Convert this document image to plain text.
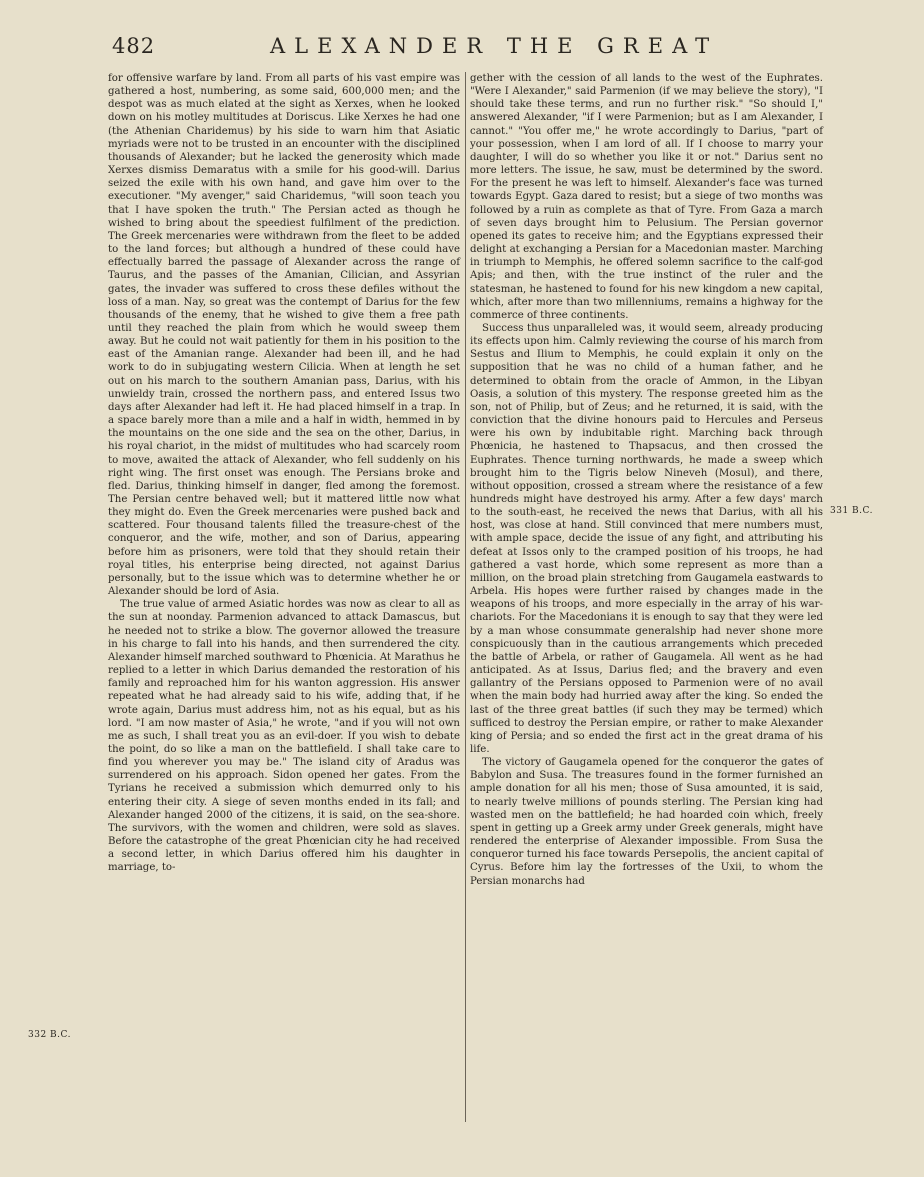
482	ALEXANDER THE GREAT

for offensive warfare by land. From all parts of his vast empire was gathered a host, numbering, as some said, 600,000 men; and the despot was as much elated at the sight as Xerxes, when he looked down on his motley multitudes at Doriscus. Like Xerxes he had one (the Athenian Charidemus) by his side to warn him that Asiatic myriads were not to be trusted in an encounter with the disciplined thousands of Alexander; but he lacked the generosity which made Xerxes dismiss Demaratus with a smile for his good-will. Darius seized the exile with his own hand, and gave him over to the executioner. "My avenger," said Charidemus, "will soon teach you that I have spoken the truth." The Persian acted as though he wished to bring about the speediest fulfilment of the prediction. The Greek mercenaries were withdrawn from the fleet to be added to the land forces; but although a hundred of these could have effectually barred the passage of Alexander across the range of Taurus, and the passes of the Amanian, Cilician, and Assyrian gates, the invader was suffered to cross these defiles without the loss of a man. Nay, so great was the contempt of Darius for the few thousands of the enemy, that he wished to give them a free path until they reached the plain from which he would sweep them away. But he could not wait patiently for them in his position to the east of the Amanian range. Alexander had been ill, and he had work to do in subjugating western Cilicia. When at length he set out on his march to the southern Amanian pass, Darius, with his unwieldy train, crossed the northern pass, and entered Issus two days after Alexander had left it. He had placed himself in a trap. In a space barely more than a mile and a half in width, hemmed in by the mountains on the one side and the sea on the other, Darius, in his royal chariot, in the midst of multitudes who had scarcely room to move, awaited the attack of Alexander, who fell suddenly on his right wing. The first onset was enough. The Persians broke and fled. Darius, thinking himself in danger, fled among the foremost. The Persian centre behaved well; but it mattered little now what they might do. Even the Greek mercenaries were pushed back and scattered. Four thousand talents filled the treasure-chest of the conqueror, and the wife, mother, and son of Darius, appearing before him as prisoners, were told that they should retain their royal titles, his enterprise being directed, not against Darius personally, but to the issue which was to determine whether he or Alexander should be lord of Asia.

The true value of armed Asiatic hordes was now as clear to all as the sun at noonday. Parmenion advanced to attack Damascus, but he needed not to strike a blow. The governor allowed the treasure in his charge to fall into his hands, and then surrendered the city. Alexander himself marched southward to Phœnicia. At Marathus he replied to a letter in which Darius demanded the restoration of his family and reproached him for his wanton aggression. His answer repeated what he had already said to his wife, adding that, if he wrote again, Darius must address him, not as his equal, but as his lord. "I am now master of Asia," he wrote, "and if you will not own me as such, I shall treat you as an evil-doer. If you wish to debate the point, do so like a man on the battlefield. I shall take care to find you wherever you may be." The island city of Aradus was surrendered on his approach. Sidon opened her gates. From the Tyrians he received a submission which demurred only to his entering their city. A siege of seven months ended in its fall; and Alexander hanged 2000 of the citizens, it is said, on the sea-shore. The survivors, with the women and children, were sold as slaves. Before the catastrophe of the great Phœnician city he had received a second letter, in which Darius offered him his daughter in marriage, to-

gether with the cession of all lands to the west of the Euphrates. "Were I Alexander," said Parmenion (if we may believe the story), "I should take these terms, and run no further risk." "So should I," answered Alexander, "if I were Parmenion; but as I am Alexander, I cannot." "You offer me," he wrote accordingly to Darius, "part of your possession, when I am lord of all. If I choose to marry your daughter, I will do so whether you like it or not." Darius sent no more letters. The issue, he saw, must be determined by the sword. For the present he was left to himself. Alexander's face was turned towards Egypt. Gaza dared to resist; but a siege of two months was followed by a ruin as complete as that of Tyre. From Gaza a march of seven days brought him to Pelusium. The Persian governor opened its gates to receive him; and the Egyptians expressed their delight at exchanging a Persian for a Macedonian master. Marching in triumph to Memphis, he offered solemn sacrifice to the calf-god Apis; and then, with the true instinct of the ruler and the statesman, he hastened to found for his new kingdom a new capital, which, after more than two millenniums, remains a highway for the commerce of three continents.

Success thus unparalleled was, it would seem, already producing its effects upon him. Calmly reviewing the course of his march from Sestus and Ilium to Memphis, he could explain it only on the supposition that he was no child of a human father, and he determined to obtain from the oracle of Ammon, in the Libyan Oasis, a solution of this mystery. The response greeted him as the son, not of Philip, but of Zeus; and he returned, it is said, with the conviction that the divine honours paid to Hercules and Perseus were his own by indubitable right. Marching back through Phœnicia, he hastened to Thapsacus, and then crossed the Euphrates. Thence turning northwards, he made a sweep which brought him to the Tigris below Nineveh (Mosul), and there, without opposition, crossed a stream where the resistance of a few hundreds might have destroyed his army. After a few days' march to the south-east, he received the news that Darius, with all his host, was close at hand. Still convinced that mere numbers must, with ample space, decide the issue of any fight, and attributing his defeat at Issos only to the cramped position of his troops, he had gathered a vast horde, which some represent as more than a million, on the broad plain stretching from Gaugamela eastwards to Arbela. His hopes were further raised by changes made in the weapons of his troops, and more especially in the array of his war-chariots. For the Macedonians it is enough to say that they were led by a man whose consummate generalship had never shone more conspicuously than in the cautious arrangements which preceded the battle of Arbela, or rather of Gaugamela. All went as he had anticipated. As at Issus, Darius fled; and the bravery and even gallantry of the Persians opposed to Parmenion were of no avail when the main body had hurried away after the king. So ended the last of the three great battles (if such they may be termed) which sufficed to destroy the Persian empire, or rather to make Alexander king of Persia; and so ended the first act in the great drama of his life.

The victory of Gaugamela opened for the conqueror the gates of Babylon and Susa. The treasures found in the former furnished an ample donation for all his men; those of Susa amounted, it is said, to nearly twelve millions of pounds sterling. The Persian king had wasted men on the battlefield; he had hoarded coin which, freely spent in getting up a Greek army under Greek generals, might have rendered the enterprise of Alexander impossible. From Susa the conqueror turned his face towards Persepolis, the ancient capital of Cyrus. Before him lay the fortresses of the Uxii, to whom the Persian monarchs had

331 B.C.
332 B.C.
